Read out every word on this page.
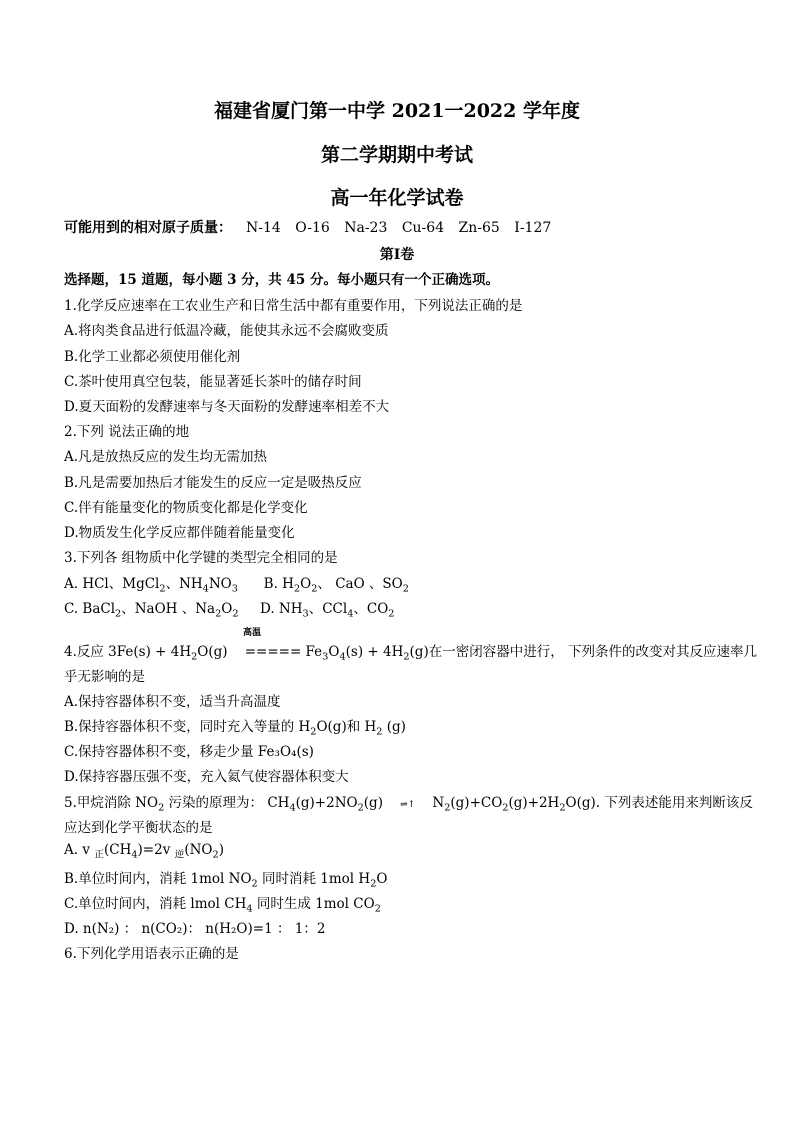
福建省厦门第一中学 2021一2022 学年度
第二学期期中考试
高一年化学试卷
可能用到的相对原子质量： N-14 O-16 Na-23 Cu-64 Zn-65 I-127
第Ⅰ卷
选择题，15 道题，每小题 3 分，共 45 分。每小题只有一个正确选项。
1.化学反应速率在工农业生产和日常生活中都有重要作用，下列说法正确的是
A.将肉类食品进行低温冷藏，能使其永远不会腐败变质
B.化学工业都必须使用催化剂
C.茶叶使用真空包装，能显著延长茶叶的储存时间
D.夏天面粉的发酵速率与冬天面粉的发酵速率相差不大
2.下列 说法正确的地
A.凡是放热反应的发生均无需加热
B.凡是需要加热后才能发生的反应一定是吸热反应
C.伴有能量变化的物质变化都是化学变化
D.物质发生化学反应都伴随着能量变化
3.下列各 组物质中化学键的类型完全相同的是
A. HCl、MgCl$_2$、$NH_4NO_3$      B. $H_2O_2$、 CaO 、$SO_2$
C. BaCl$_2$、NaOH 、$Na_2O_2$     D. $NH_3$、CCl$_4$、$CO_2$
高温
4.反应 $3Fe(s) + 4H_2O(g)$    ===== $Fe_3O_4(s) + 4H_2(g)$在一密闭容器中进行， 下列条件的改变对其反应速率几
乎无影响的是
A.保持容器体积不变，适当升高温度
B.保持容器体积不变，同时充入等量的 $H_2O(g)$和 $H_2$ (g)
C.保持容器体积不变，移走少量 Fe₃O₄(s)
D.保持容器压强不变，充入氦气使容器体积变大
5.甲烷消除 $NO_2$ 污染的原理为： $CH_4(g)+2NO_2(g)$    ⇌↑    $N_2(g)+CO_2(g)+2H_2O(g)$. 下列表述能用来判断该反
应达到化学平衡状态的是
A. v $_正(CH_4)=2v$ $_逆(NO_2)$
B.单位时间内，消耗 1mol $NO_2$ 同时消耗 1mol $H_2O$
C.单位时间内，消耗 lmol $CH_4$ 同时生成 1mol $CO_2$
D. n(N₂) ： n(CO₂)： n(H₂O)=1 ： 1：2
6.下列化学用语表示正确的是
